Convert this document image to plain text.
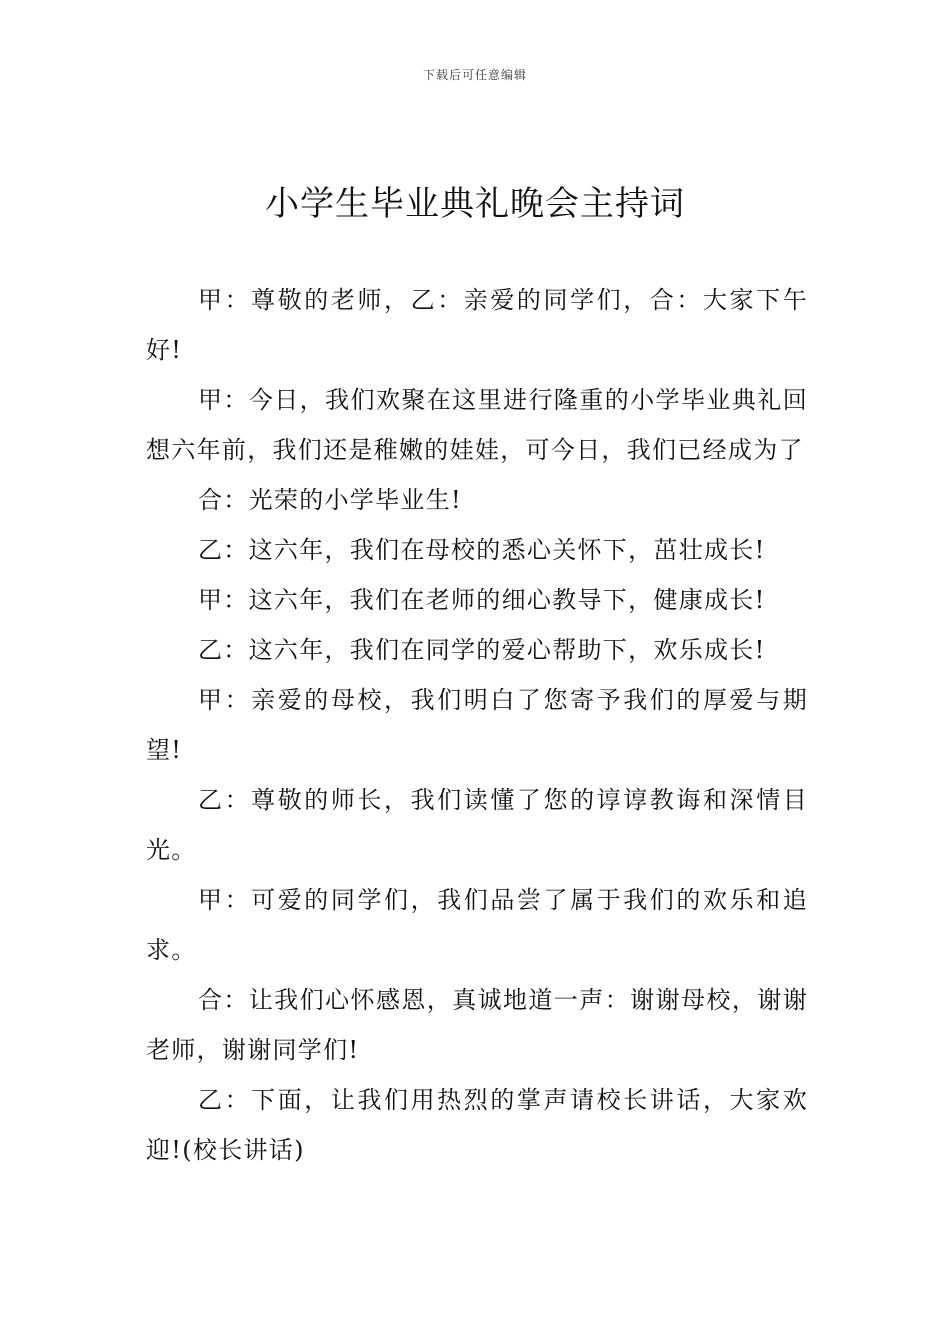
下载后可任意编辑
小学生毕业典礼晚会主持词

甲：尊敬的老师，乙：亲爱的同学们，合：大家下午好!

甲：今日，我们欢聚在这里进行隆重的小学毕业典礼回想六年前，我们还是稚嫩的娃娃，可今日，我们已经成为了

合：光荣的小学毕业生!

乙：这六年，我们在母校的悉心关怀下，茁壮成长!

甲：这六年，我们在老师的细心教导下，健康成长!

乙：这六年，我们在同学的爱心帮助下，欢乐成长!

甲：亲爱的母校，我们明白了您寄予我们的厚爱与期望!

乙：尊敬的师长，我们读懂了您的谆谆教诲和深情目光。

甲：可爱的同学们，我们品尝了属于我们的欢乐和追求。

合：让我们心怀感恩，真诚地道一声：谢谢母校，谢谢老师，谢谢同学们!

乙：下面，让我们用热烈的掌声请校长讲话，大家欢迎!(校长讲话)
